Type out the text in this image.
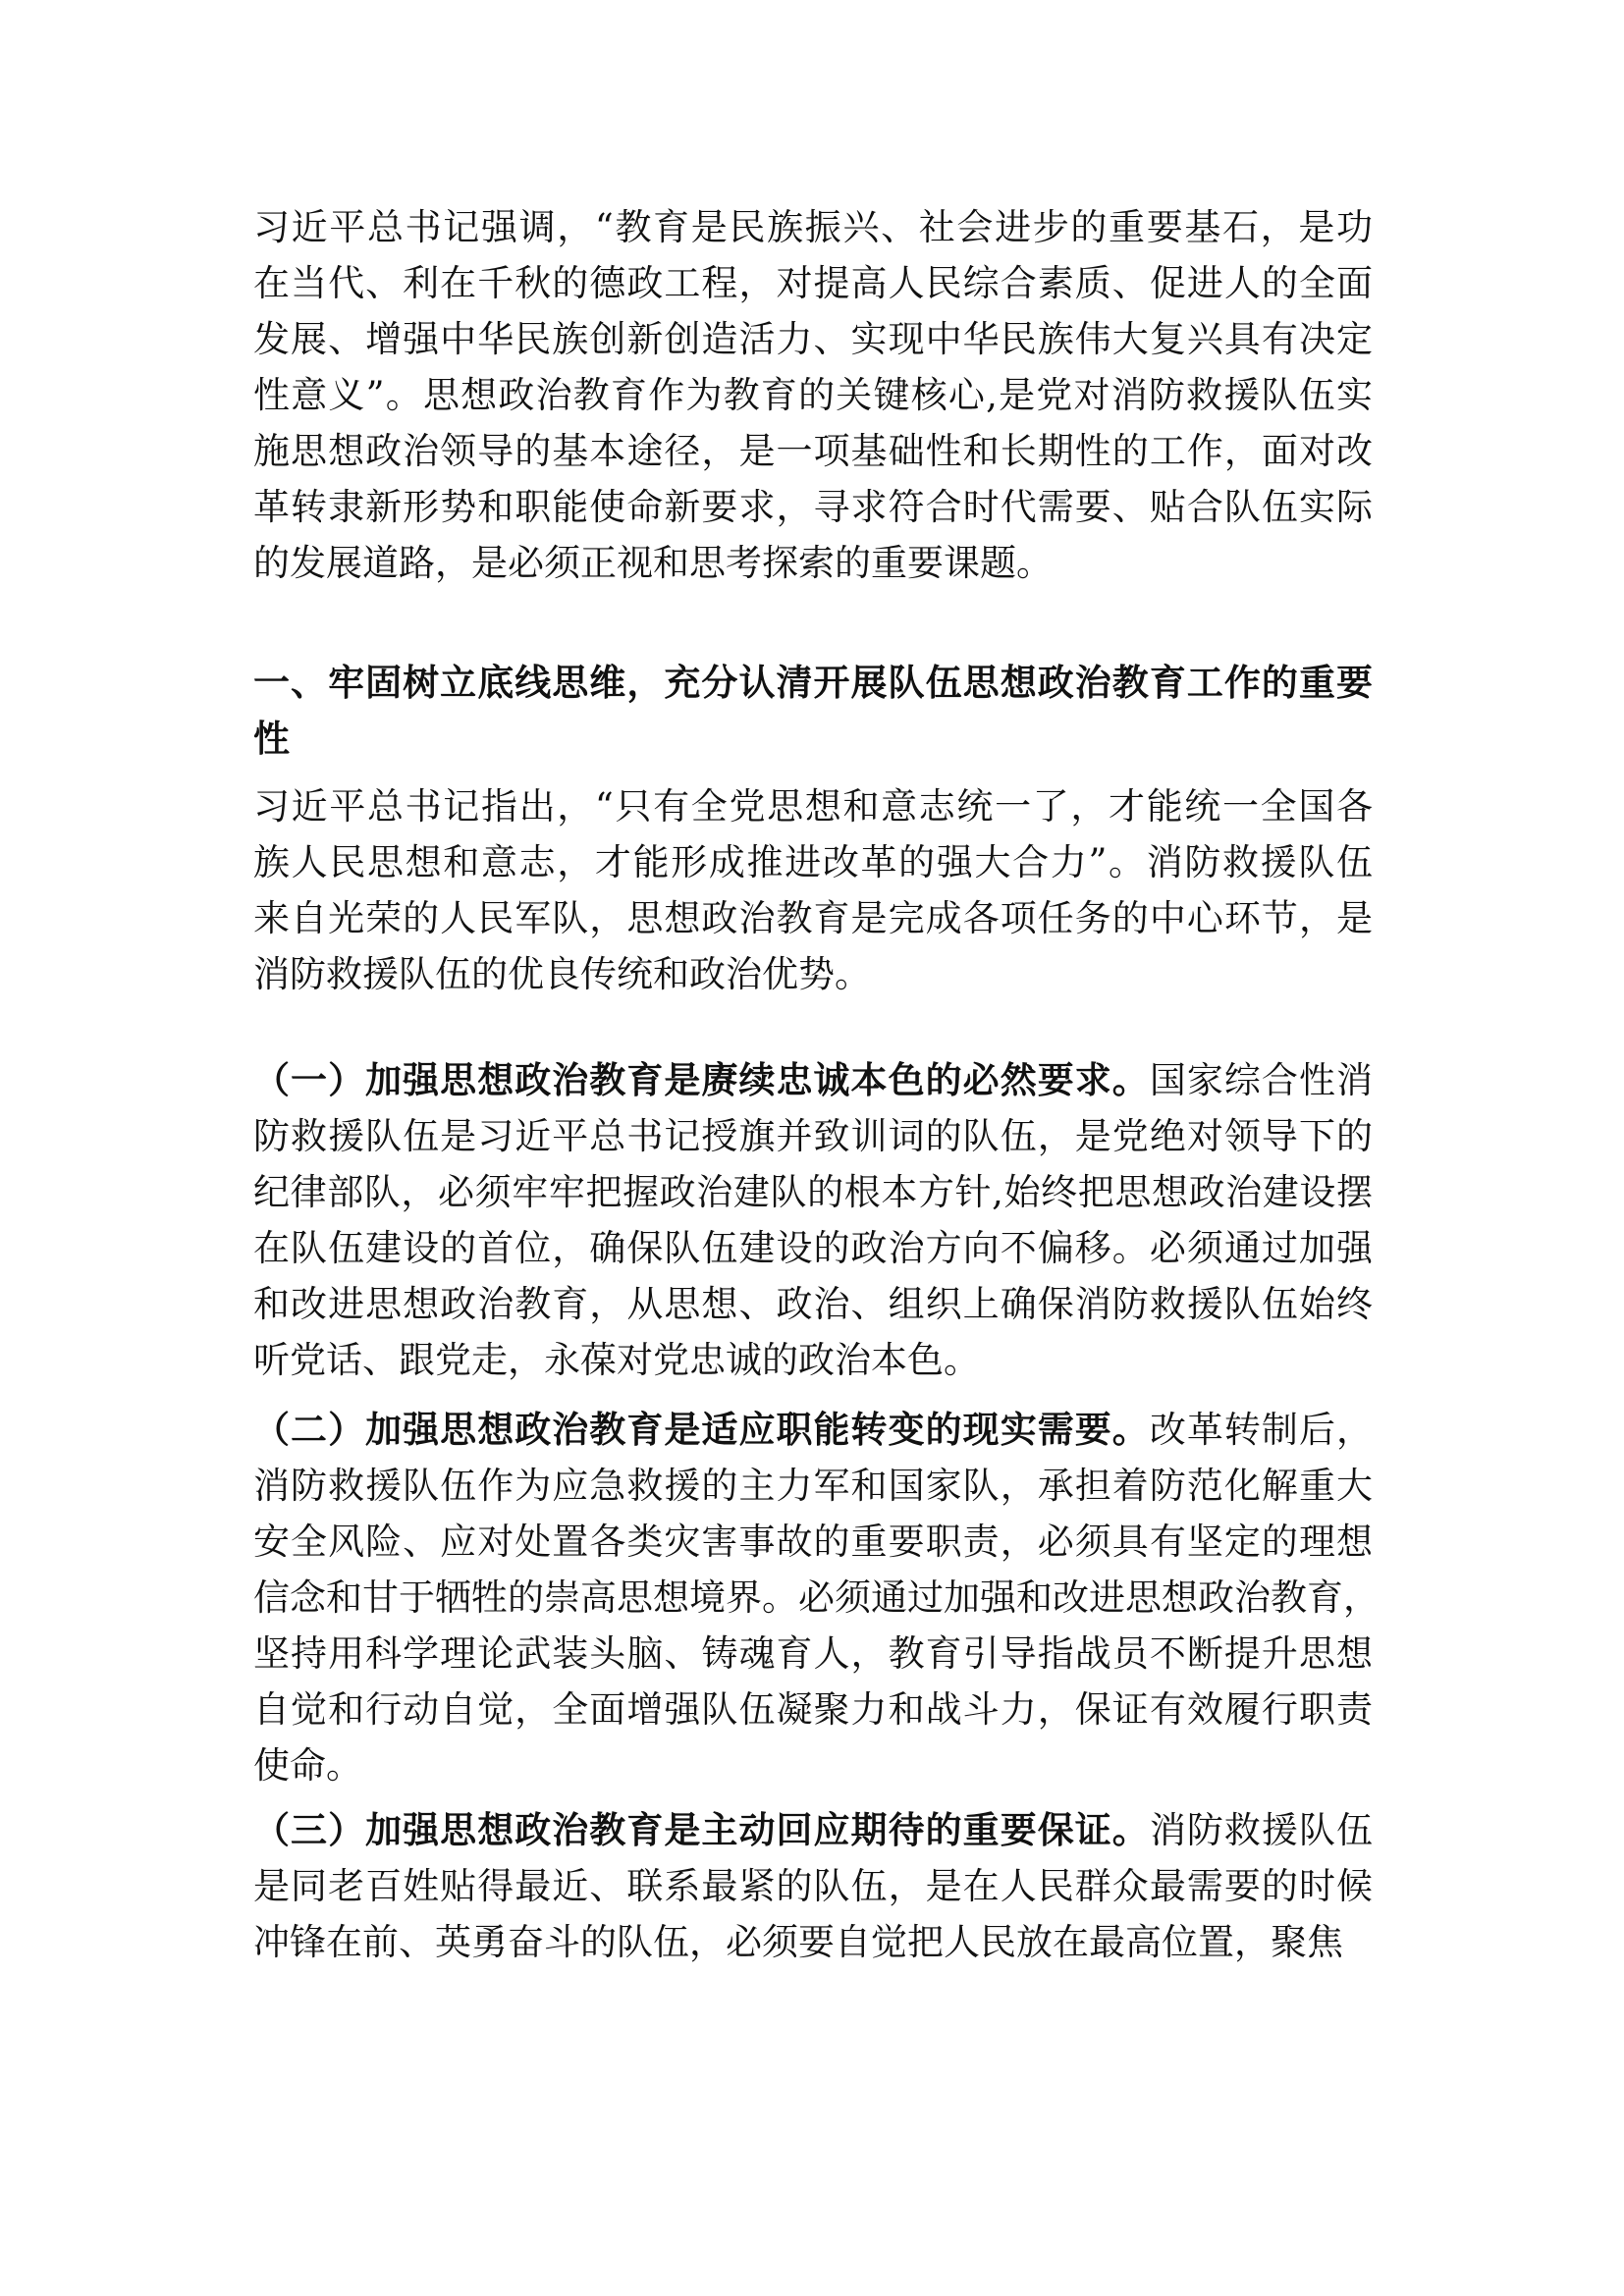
习近平总书记强调，“教育是民族振兴、社会进步的重要基石，是功
在当代、利在千秋的德政工程，对提高人民综合素质、促进人的全面
发展、增强中华民族创新创造活力、实现中华民族伟大复兴具有决定
性意义”。思想政治教育作为教育的关键核心,是党对消防救援队伍实
施思想政治领导的基本途径，是一项基础性和长期性的工作，面对改
革转隶新形势和职能使命新要求，寻求符合时代需要、贴合队伍实际
的发展道路，是必须正视和思考探索的重要课题。
一、牢固树立底线思维，充分认清开展队伍思想政治教育工作的重要
性
习近平总书记指出，“只有全党思想和意志统一了，才能统一全国各
族人民思想和意志，才能形成推进改革的强大合力”。消防救援队伍
来自光荣的人民军队，思想政治教育是完成各项任务的中心环节，是
消防救援队伍的优良传统和政治优势。
（一）加强思想政治教育是赓续忠诚本色的必然要求。国家综合性消
防救援队伍是习近平总书记授旗并致训词的队伍，是党绝对领导下的
纪律部队，必须牢牢把握政治建队的根本方针,始终把思想政治建设摆
在队伍建设的首位，确保队伍建设的政治方向不偏移。必须通过加强
和改进思想政治教育，从思想、政治、组织上确保消防救援队伍始终
听党话、跟党走，永葆对党忠诚的政治本色。
（二）加强思想政治教育是适应职能转变的现实需要。改革转制后，
消防救援队伍作为应急救援的主力军和国家队，承担着防范化解重大
安全风险、应对处置各类灾害事故的重要职责，必须具有坚定的理想
信念和甘于牺牲的崇高思想境界。必须通过加强和改进思想政治教育，
坚持用科学理论武装头脑、铸魂育人，教育引导指战员不断提升思想
自觉和行动自觉，全面增强队伍凝聚力和战斗力，保证有效履行职责
使命。
（三）加强思想政治教育是主动回应期待的重要保证。消防救援队伍
是同老百姓贴得最近、联系最紧的队伍，是在人民群众最需要的时候
冲锋在前、英勇奋斗的队伍，必须要自觉把人民放在最高位置，聚焦
